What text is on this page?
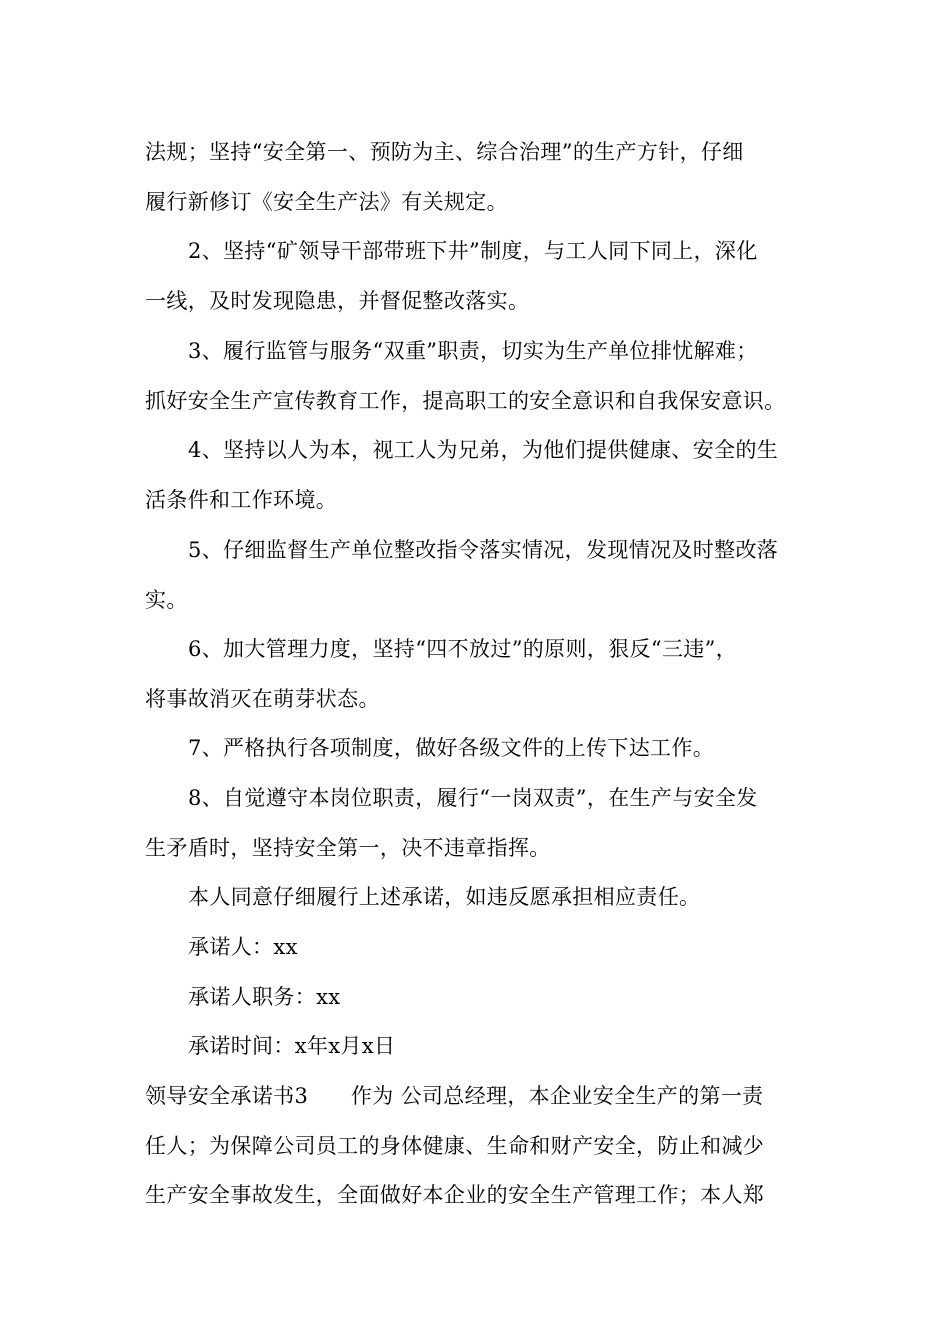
法规；坚持“安全第一、预防为主、综合治理”的生产方针，仔细
履行新修订《安全生产法》有关规定。
2、坚持“矿领导干部带班下井”制度，与工人同下同上，深化
一线，及时发现隐患，并督促整改落实。
3、履行监管与服务“双重”职责，切实为生产单位排忧解难；
抓好安全生产宣传教育工作，提高职工的安全意识和自我保安意识。
4、坚持以人为本，视工人为兄弟，为他们提供健康、安全的生
活条件和工作环境。
5、仔细监督生产单位整改指令落实情况，发现情况及时整改落
实。
6、加大管理力度，坚持“四不放过”的原则，狠反“三违”，
将事故消灭在萌芽状态。
7、严格执行各项制度，做好各级文件的上传下达工作。
8、自觉遵守本岗位职责，履行“一岗双责”，在生产与安全发
生矛盾时，坚持安全第一，决不违章指挥。
本人同意仔细履行上述承诺，如违反愿承担相应责任。
承诺人：xx
承诺人职务：xx
承诺时间：x年x月x日
领导安全承诺书3　　作为 公司总经理，本企业安全生产的第一责
任人；为保障公司员工的身体健康、生命和财产安全，防止和减少
生产安全事故发生，全面做好本企业的安全生产管理工作；本人郑
